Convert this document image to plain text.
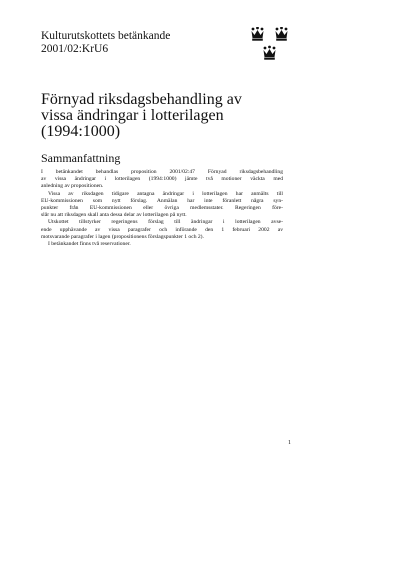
Kulturutskottets betänkande
2001/02:KrU6
Förnyad riksdagsbehandling av
vissa ändringar i lotterilagen
(1994:1000)
Sammanfattning
I betänkandet behandlas proposition 2001/02:47 Förnyad riksdagsbehandling
av vissa ändringar i lotterilagen (1994:1000) jämte två motioner väckta med
anledning av propositionen.
Vissa av riksdagen tidigare antagna ändringar i lotterilagen har anmälts till
EU-kommissionen som nytt förslag. Anmälan har inte föranlett några syn-
punkter från EU-kommissionen eller övriga medlemsstater. Regeringen före-
slår nu att riksdagen skall anta dessa delar av lotterilagen på nytt.
Utskottet tillstyrker regeringens förslag till ändringar i lotterilagen avse-
ende upphävande av vissa paragrafer och införande den 1 februari 2002 av
motsvarande paragrafer i lagen (propositionens förslagspunkter 1 och 2).
I betänkandet finns två reservationer.
1
